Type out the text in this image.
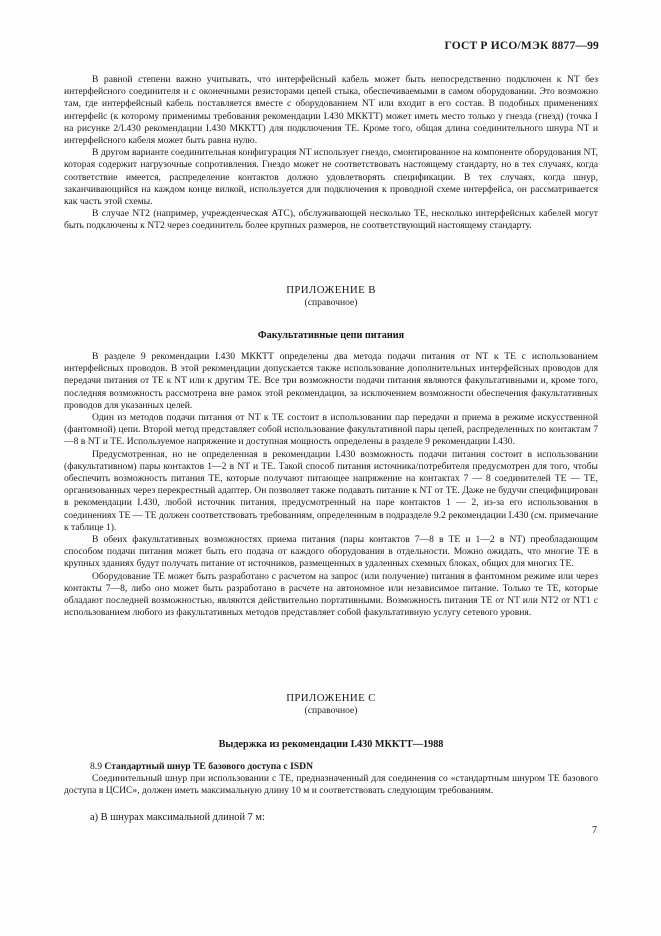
ГОСТ Р ИСО/МЭК 8877—99

В равной степени важно учитывать, что интерфейсный кабель может быть непосредственно подключен к NT без интерфейсного соединителя и с оконечными резисторами цепей стыка, обеспечиваемыми в самом оборудовании. Это возможно там, где интерфейсный кабель поставляется вместе с оборудованием NT или входит в его состав. В подобных применениях интерфейс (к которому применимы требования рекомендации I.430 МККТТ) может иметь место только у гнезда (гнезд) (точка I на рисунке 2/I.430 рекомендации I.430 МККТТ) для подключения ТЕ. Кроме того, общая длина соединительного шнура NT и интерфейсного кабеля может быть равна нулю.

В другом варианте соединительная конфигурация NT использует гнездо, смонтированное на компоненте оборудования NT, которая содержит нагрузочные сопротивления. Гнездо может не соответствовать настоящему стандарту, но в тех случаях, когда соответствие имеется, распределение контактов должно удовлетворять спецификации. В тех случаях, когда шнур, заканчивающийся на каждом конце вилкой, используется для подключения к проводной схеме интерфейса, он рассматривается как часть этой схемы.

В случае NT2 (например, учрежденческая АТС), обслуживающей несколько ТЕ, несколько интерфейсных кабелей могут быть подключены к NT2 через соединитель более крупных размеров, не соответствующий настоящему стандарту.

ПРИЛОЖЕНИЕ В
(справочное)
Факультативные цепи питания

В разделе 9 рекомендации I.430 МККТТ определены два метода подачи питания от NT к ТЕ с использованием интерфейсных проводов. В этой рекомендации допускается также использование дополнительных интерфейсных проводов для передачи питания от ТЕ к NT или к другим ТЕ. Все три возможности подачи питания являются факультативными и, кроме того, последняя возможность рассмотрена вне рамок этой рекомендации, за исключением возможности обеспечения факультативных проводов для указанных целей.

Один из методов подачи питания от NT к ТЕ состоит в использовании пар передачи и приема в режиме искусственной (фантомной) цепи. Второй метод представляет собой использование факультативной пары цепей, распределенных по контактам 7—8 в NT и ТЕ. Используемое напряжение и доступная мощность определены в разделе 9 рекомендации I.430.

Предусмотренная, но не определенная в рекомендации I.430 возможность подачи питания состоит в использовании (факультативном) пары контактов 1—2 в NT и ТЕ. Такой способ питания источника/потребителя предусмотрен для того, чтобы обеспечить возможность питания ТЕ, которые получают питающее напряжение на контактах 7 — 8 соединителей ТЕ — ТЕ, организованных через перекрестный адаптер. Он позволяет также подавать питание к NT от ТЕ. Даже не будучи специфицирован в рекомендации I.430, любой источник питания, предусмотренный на паре контактов 1 — 2, из-за его использования в соединениях ТЕ — ТЕ должен соответствовать требованиям, определенным в подразделе 9.2 рекомендации I.430 (см. примечание к таблице 1).

В обеих факультативных возможностях приема питания (пары контактов 7—8 в ТЕ и 1—2 в NT) преобладающим способом подачи питания может быть его подача от каждого оборудования в отдельности. Можно ожидать, что многие ТЕ в крупных зданиях будут получать питание от источников, размещенных в удаленных схемных блоках, общих для многих ТЕ.

Оборудование ТЕ может быть разработано с расчетом на запрос (или получение) питания в фантомном режиме или через контакты 7—8, либо оно может быть разработано в расчете на автономное или независимое питание. Только те ТЕ, которые обладают последней возможностью, являются действительно портативными. Возможность питания ТЕ от NT или NT2 от NT1 с использованием любого из факультативных методов представляет собой факультативную услугу сетевого уровня.

ПРИЛОЖЕНИЕ С
(справочное)
Выдержка из рекомендации I.430 МККТТ—1988
8.9 Стандартный шнур ТЕ базового доступа с ISDN

Соединительный шнур при использовании с ТЕ, предназначенный для соединения со «стандартным шнуром ТЕ базового доступа в ЦСИС», должен иметь максимальную длину 10 м и соответствовать следующим требованиям.

а) В шнурах максимальной длиной 7 м:
7
